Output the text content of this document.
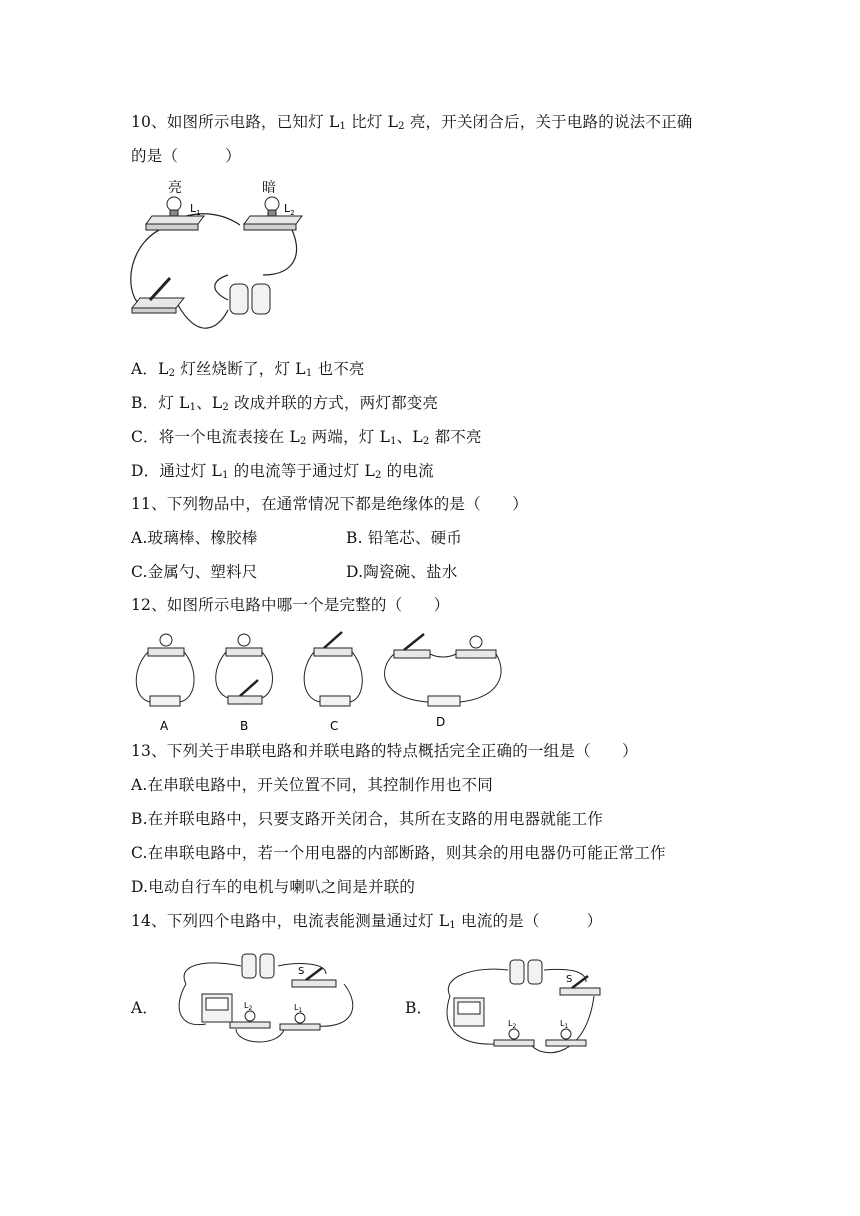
10、如图所示电路，已知灯 $L_1$ 比灯 $L_2$ 亮，开关闭合后，关于电路的说法不正确
的是（　　　）
亮
$L_1$
暗
$L_2$
A．$L_2$ 灯丝烧断了，灯 $L_1$ 也不亮
B．灯 $L_1$、$L_2$ 改成并联的方式，两灯都变亮
C．将一个电流表接在 $L_2$ 两端，灯 $L_1$、$L_2$ 都不亮
D．通过灯 $L_1$ 的电流等于通过灯 $L_2$ 的电流
11、下列物品中，在通常情况下都是绝缘体的是（　　）
A.玻璃棒、橡胶棒	B. 铅笔芯、硬币
C.金属勺、塑料尺	D.陶瓷碗、盐水
12、如图所示电路中哪一个是完整的（　　）
A	B	C	D
13、下列关于串联电路和并联电路的特点概括完全正确的一组是（　　）
A.在串联电路中，开关位置不同，其控制作用也不同
B.在并联电路中，只要支路开关闭合，其所在支路的用电器就能工作
C.在串联电路中，若一个用电器的内部断路，则其余的用电器仍可能正常工作
D.电动自行车的电机与喇叭之间是并联的
14、下列四个电路中，电流表能测量通过灯 $L_1$ 电流的是（　　　）
A．
S
$L_2$	$L_1$	B．
S
$L_2$	$L_1$
